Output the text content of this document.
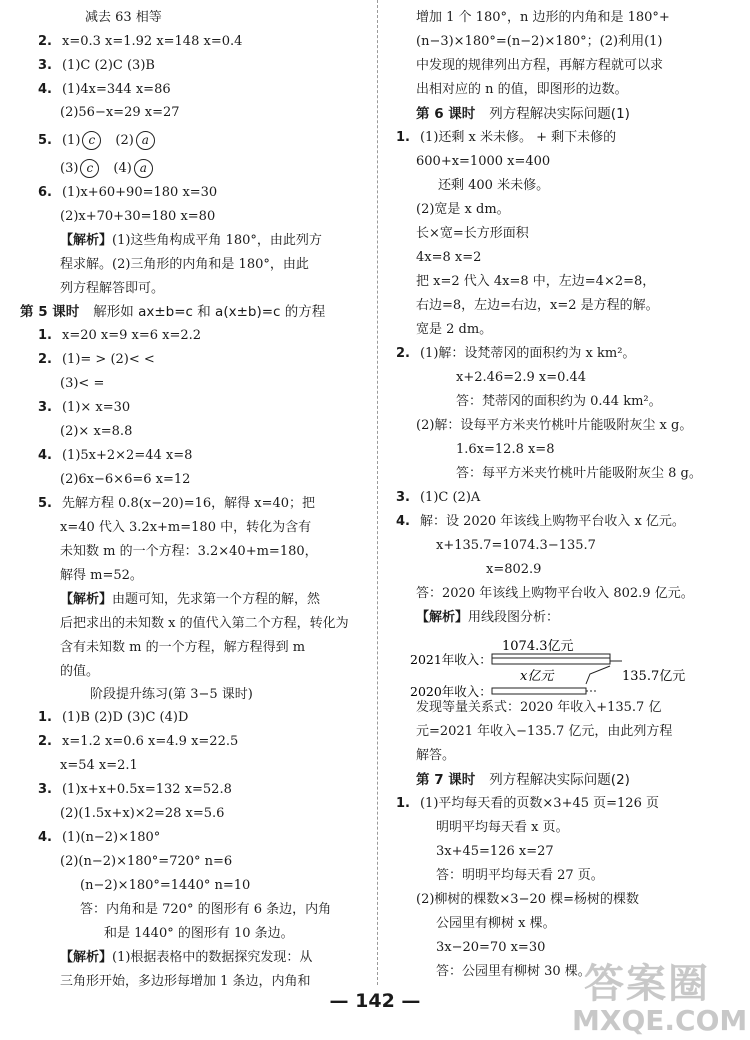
减去 63 相等
2. x=0.3 x=1.92 x=148 x=0.4
3. (1)C (2)C (3)B
4. (1)4x=344 x=86
(2)56−x=29 x=27
5. (1) c (2) a
(3) c (4) a
6. (1)x+60+90=180 x=30
(2)x+70+30=180 x=80
【解析】(1)这些角构成平角 180°，由此列方
程求解。(2)三角形的内角和是 180°，由此
列方程解答即可。
第 5 课时 解形如 ax±b=c 和 a(x±b)=c 的方程
1. x=20 x=9 x=6 x=2.2
2. (1)= > (2)< <
(3)< =
3. (1)× x=30
(2)× x=8.8
4. (1)5x+2×2=44 x=8
(2)6x−6×6=6 x=12
5. 先解方程 0.8(x−20)=16，解得 x=40；把
x=40 代入 3.2x+m=180 中，转化为含有
未知数 m 的一个方程：3.2×40+m=180，
解得 m=52。
【解析】由题可知，先求第一个方程的解，然
后把求出的未知数 x 的值代入第二个方程，转化为
含有未知数 m 的一个方程，解方程得到 m
的值。
阶段提升练习(第 3−5 课时)
1. (1)B (2)D (3)C (4)D
2. x=1.2 x=0.6 x=4.9 x=22.5
x=54 x=2.1
3. (1)x+x+0.5x=132 x=52.8
(2)(1.5x+x)×2=28 x=5.6
4. (1)(n−2)×180°
(2)(n−2)×180°=720° n=6
(n−2)×180°=1440° n=10
答：内角和是 720° 的图形有 6 条边，内角
和是 1440° 的图形有 10 条边。
【解析】(1)根据表格中的数据探究发现：从
三角形开始，多边形每增加 1 条边，内角和
增加 1 个 180°，n 边形的内角和是 180°+
(n−3)×180°=(n−2)×180°；(2)利用(1)
中发现的规律列出方程，再解方程就可以求
出相对应的 n 的值，即图形的边数。
第 6 课时 列方程解决实际问题(1)
1. (1)还剩 x 米未修。 + 剩下未修的
600+x=1000 x=400
还剩 400 米未修。
(2)宽是 x dm。
长×宽=长方形面积
4x=8 x=2
把 x=2 代入 4x=8 中，左边=4×2=8，
右边=8，左边=右边，x=2 是方程的解。
宽是 2 dm。
2. (1)解：设梵蒂冈的面积约为 x km²。
x+2.46=2.9 x=0.44
答：梵蒂冈的面积约为 0.44 km²。
(2)解：设每平方米夹竹桃叶片能吸附灰尘 x g。
1.6x=12.8 x=8
答：每平方米夹竹桃叶片能吸附灰尘 8 g。
3. (1)C (2)A
4. 解：设 2020 年该线上购物平台收入 x 亿元。
x+135.7=1074.3−135.7
x=802.9
答：2020 年该线上购物平台收入 802.9 亿元。
【解析】用线段图分析：
发现等量关系式：2020 年收入+135.7 亿
元=2021 年收入−135.7 亿元，由此列方程
解答。
第 7 课时 列方程解决实际问题(2)
1. (1)平均每天看的页数×3+45 页=126 页
明明平均每天看 x 页。
3x+45=126 x=27
答：明明平均每天看 27 页。
(2)柳树的棵数×3−20 棵=杨树的棵数
公园里有柳树 x 棵。
3x−20=70 x=30
答：公园里有柳树 30 棵。
1074.3亿元
2021年收入：
x亿元	135.7亿元
2020年收入：
— 142 —	答案圈
MXQE.COM
